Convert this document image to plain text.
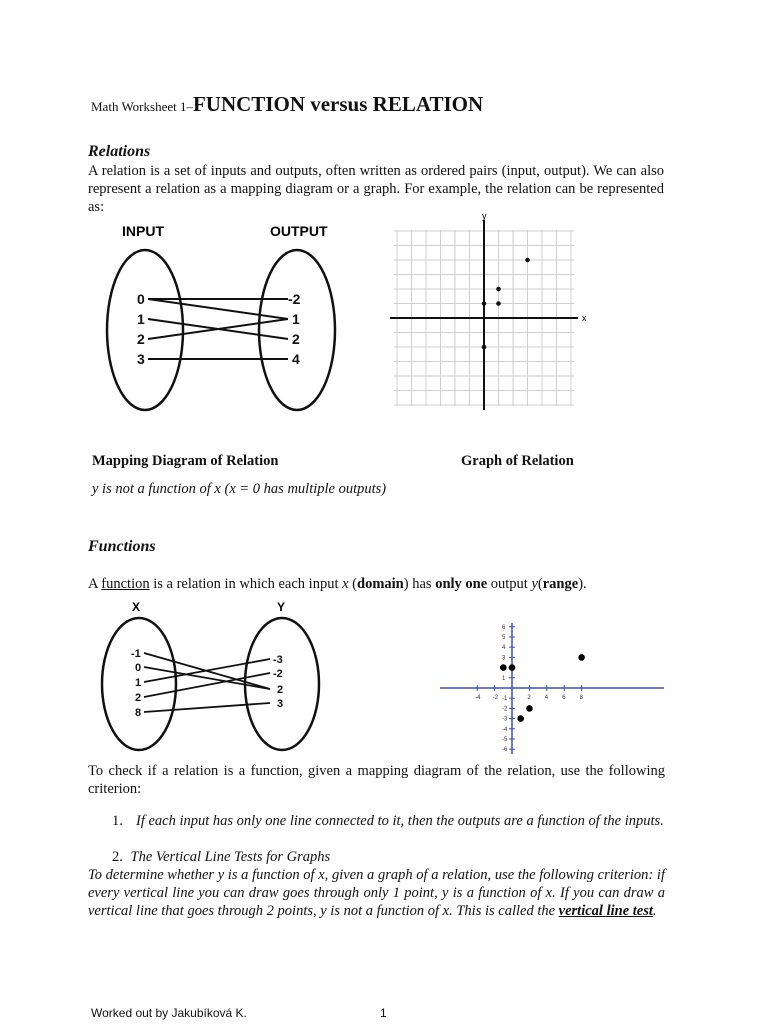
Math Worksheet 1–FUNCTION versus RELATION
Relations
A relation is a set of inputs and outputs, often written as ordered pairs (input, output). We can also represent a relation as a mapping diagram or a graph. For example, the relation can be represented as:
INPUT	OUTPUT
0
1
2
3
-2
1
2
4
y
x
Mapping Diagram of Relation	Graph of Relation
y is not a function of x (x = 0 has multiple outputs)
Functions
A function is a relation in which each input x (domain) has only one output y(range).
X	Y
-1
0
1
2
8
-3
-2
2
3	-4 -2	2 4 6 8
6
5
4
3
1
-1
-2
-3
-4
-5
-6
To check if a relation is a function, given a mapping diagram of the relation, use the following criterion:
1. If each input has only one line connected to it, then the outputs are a function of the inputs.
2. The Vertical Line Tests for Graphs
To determine whether y is a function of x, given a graph of a relation, use the following criterion: if every vertical line you can draw goes through only 1 point, y is a function of x. If you can draw a vertical line that goes through 2 points, y is not a function of x. This is called the vertical line test.
Worked out by Jakubíková K.	1
